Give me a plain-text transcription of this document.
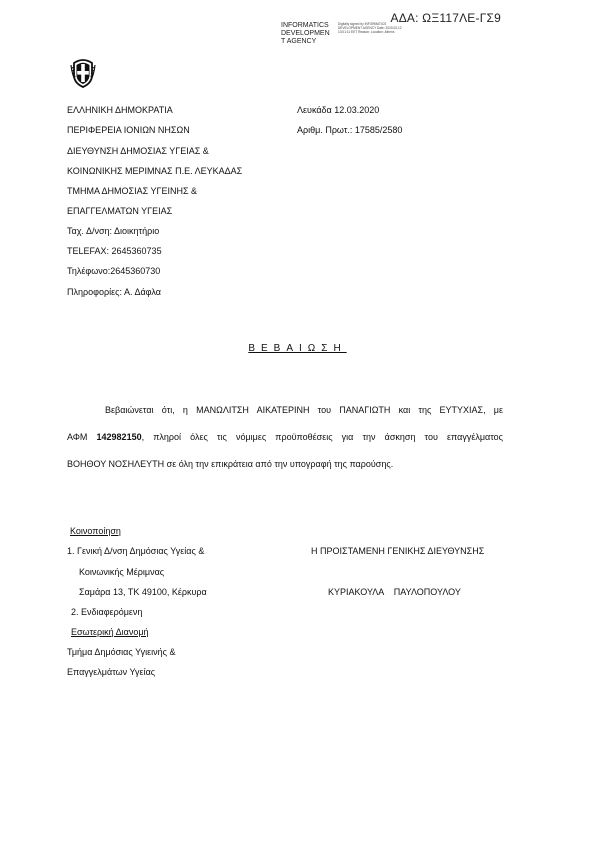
ΑΔΑ: ΩΞ117ΛΕ-ΓΣ9
INFORMATICS
DEVELOPMEN
T AGENCY
Digitally signed by INFORMATICS DEVELOPMENT AGENCY Date: 2020.03.12 13:01:11 EET Reason: Location: Athens
ΕΛΛΗΝΙΚΗ ΔΗΜΟΚΡΑΤΙΑ
ΠΕΡΙΦΕΡΕΙΑ ΙΟΝΙΩΝ ΝΗΣΩΝ
ΔΙΕΥΘΥΝΣΗ ΔΗΜΟΣΙΑΣ ΥΓΕΙΑΣ &
ΚΟΙΝΩΝΙΚΗΣ ΜΕΡΙΜΝΑΣ Π.Ε. ΛΕΥΚΑΔΑΣ
ΤΜΗΜΑ ΔΗΜΟΣΙΑΣ ΥΓΕΙΝΗΣ &
ΕΠΑΓΓΕΛΜΑΤΩΝ ΥΓΕΙΑΣ
Ταχ. Δ/νση: Διοικητήριο
TELEFAX: 2645360735
Τηλέφωνο:2645360730
Πληροφορίες: Α. Δάφλα
Λευκάδα 12.03.2020
Αριθμ. Πρωτ.: 17585/2580
ΒΕΒΑΙΩΣΗ
Βεβαιώνεται ότι, η ΜΑΝΩΛΙΤΣΗ ΑΙΚΑΤΕΡΙΝΗ του ΠΑΝΑΓΙΩΤΗ και της ΕΥΤΥΧΙΑΣ, με
ΑΦΜ 142982150, πληροί όλες τις νόμιμες προϋποθέσεις για την άσκηση του επαγγέλματος
ΒΟΗΘΟΥ ΝΟΣΗΛΕΥΤΗ σε όλη την επικράτεια από την υπογραφή της παρούσης.
Κοινοποίηση
1. Γενική Δ/νση Δημόσιας Υγείας &
Κοινωνικής Μέριμνας
Σαμάρα 13, ΤΚ 49100, Κέρκυρα
2. Ενδιαφερόμενη
Εσωτερική Διανομή
Τμήμα Δημόσιας Υγιεινής &
Επαγγελμάτων Υγείας
Η ΠΡΟΙΣΤΑΜΕΝΗ ΓΕΝΙΚΗΣ ΔΙΕΥΘΥΝΣΗΣ
ΚΥΡΙΑΚΟΥΛΑ    ΠΑΥΛΟΠΟΥΛΟΥ
